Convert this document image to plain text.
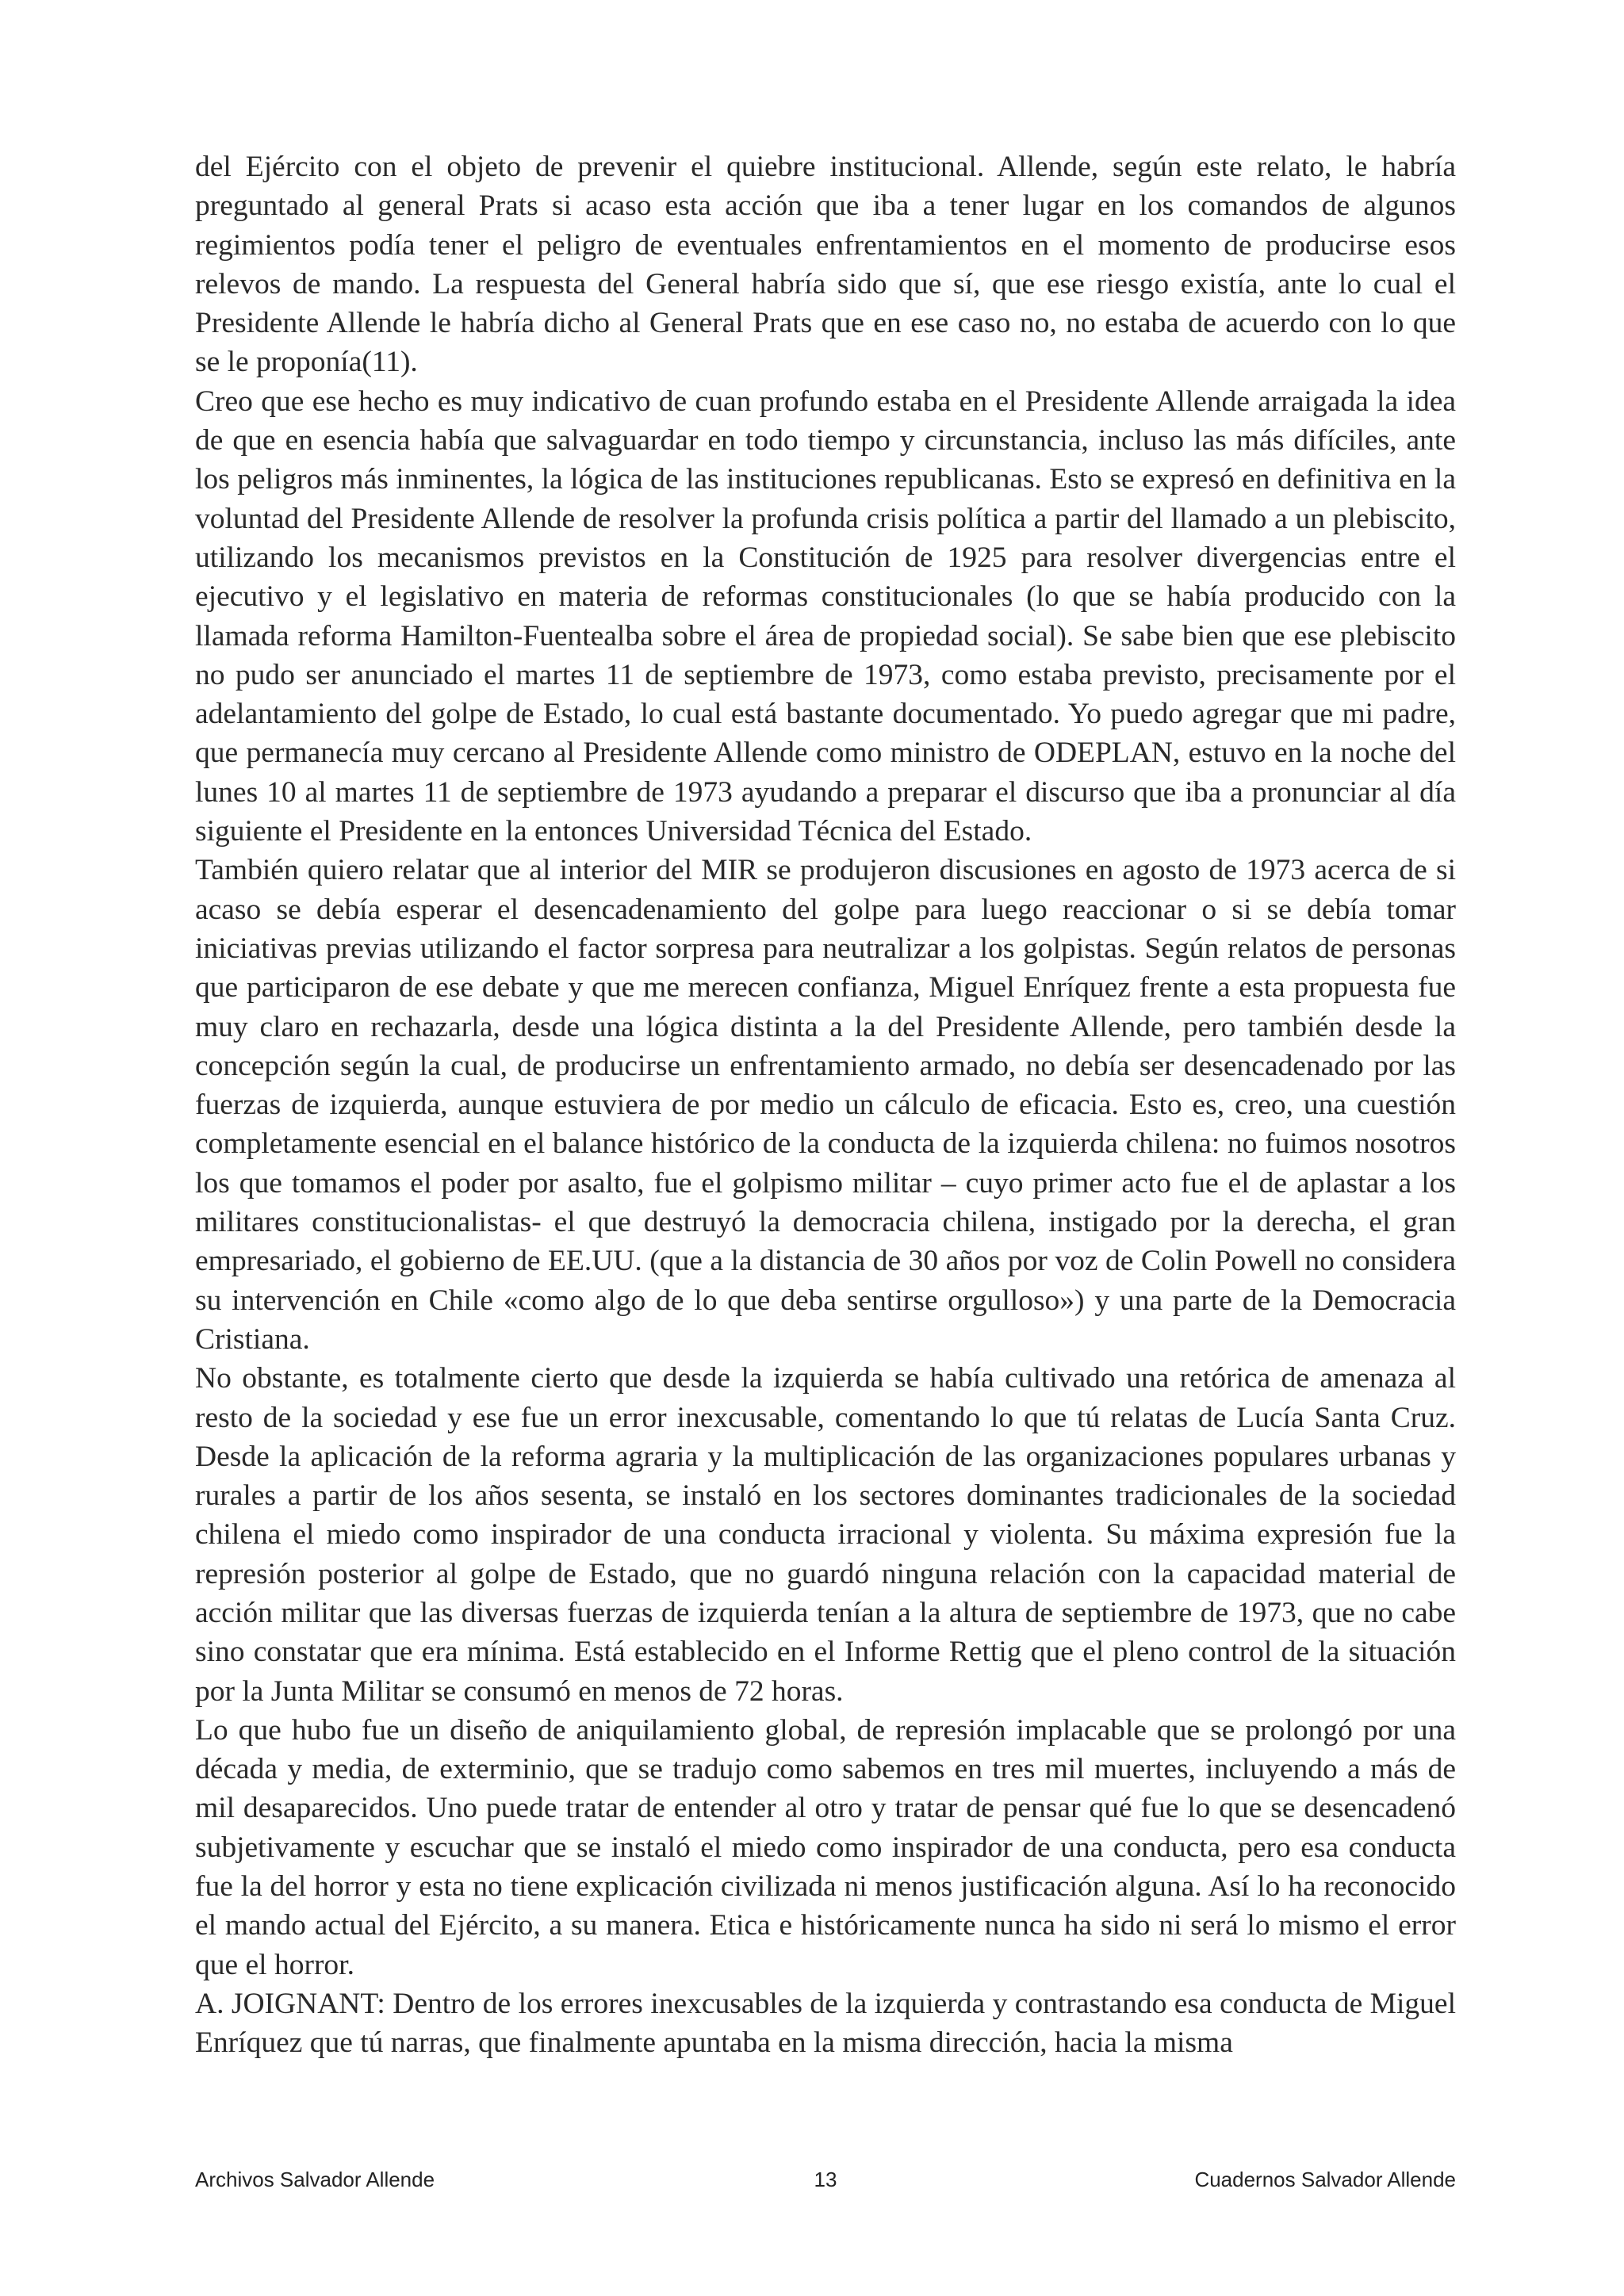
del Ejército con el objeto de prevenir el quiebre institucional. Allende, según este relato, le habría preguntado al general Prats si acaso esta acción que iba a tener lugar en los comandos de algunos regimientos podía tener el peligro de eventuales enfrentamientos en el momento de producirse esos relevos de mando. La respuesta del General habría sido que sí, que ese riesgo existía, ante lo cual el Presidente Allende le habría dicho al General Prats que en ese caso no, no estaba de acuerdo con lo que se le proponía(11).

Creo que ese hecho es muy indicativo de cuan profundo estaba en el Presidente Allende arraigada la idea de que en esencia había que salvaguardar en todo tiempo y circunstancia, incluso las más difíciles, ante los peligros más inminentes, la lógica de las instituciones republicanas. Esto se expresó en definitiva en la voluntad del Presidente Allende de resolver la profunda crisis política a partir del llamado a un plebiscito, utilizando los mecanismos previstos en la Constitución de 1925 para resolver divergencias entre el ejecutivo y el legislativo en materia de reformas constitucionales (lo que se había producido con la llamada reforma Hamilton-Fuentealba sobre el área de propiedad social). Se sabe bien que ese plebiscito no pudo ser anunciado el martes 11 de septiembre de 1973, como estaba previsto, precisamente por el adelantamiento del golpe de Estado, lo cual está bastante documentado. Yo puedo agregar que mi padre, que permanecía muy cercano al Presidente Allende como ministro de ODEPLAN, estuvo en la noche del lunes 10 al martes 11 de septiembre de 1973 ayudando a preparar el discurso que iba a pronunciar al día siguiente el Presidente en la entonces Universidad Técnica del Estado.

También quiero relatar que al interior del MIR se produjeron discusiones en agosto de 1973 acerca de si acaso se debía esperar el desencadenamiento del golpe para luego reaccionar o si se debía tomar iniciativas previas utilizando el factor sorpresa para neutralizar a los golpistas. Según relatos de personas que participaron de ese debate y que me merecen confianza, Miguel Enríquez frente a esta propuesta fue muy claro en rechazarla, desde una lógica distinta a la del Presidente Allende, pero también desde la concepción según la cual, de producirse un enfrentamiento armado, no debía ser desencadenado por las fuerzas de izquierda, aunque estuviera de por medio un cálculo de eficacia. Esto es, creo, una cuestión completamente esencial en el balance histórico de la conducta de la izquierda chilena: no fuimos nosotros los que tomamos el poder por asalto, fue el golpismo militar – cuyo primer acto fue el de aplastar a los militares constitucionalistas- el que destruyó la democracia chilena, instigado por la derecha, el gran empresariado, el gobierno de EE.UU. (que a la distancia de 30 años por voz de Colin Powell no considera su intervención en Chile «como algo de lo que deba sentirse orgulloso») y una parte de la Democracia Cristiana.

No obstante, es totalmente cierto que desde la izquierda se había cultivado una retórica de amenaza al resto de la sociedad y ese fue un error inexcusable, comentando lo que tú relatas de Lucía Santa Cruz. Desde la aplicación de la reforma agraria y la multiplicación de las organizaciones populares urbanas y rurales a partir de los años sesenta, se instaló en los sectores dominantes tradicionales de la sociedad chilena el miedo como inspirador de una conducta irracional y violenta. Su máxima expresión fue la represión posterior al golpe de Estado, que no guardó ninguna relación con la capacidad material de acción militar que las diversas fuerzas de izquierda tenían a la altura de septiembre de 1973, que no cabe sino constatar que era mínima. Está establecido en el Informe Rettig que el pleno control de la situación por la Junta Militar se consumó en menos de 72 horas.

Lo que hubo fue un diseño de aniquilamiento global, de represión implacable que se prolongó por una década y media, de exterminio, que se tradujo como sabemos en tres mil muertes, incluyendo a más de mil desaparecidos. Uno puede tratar de entender al otro y tratar de pensar qué fue lo que se desencadenó subjetivamente y escuchar que se instaló el miedo como inspirador de una conducta, pero esa conducta fue la del horror y esta no tiene explicación civilizada ni menos justificación alguna. Así lo ha reconocido el mando actual del Ejército, a su manera. Etica e históricamente nunca ha sido ni será lo mismo el error que el horror.

A. JOIGNANT: Dentro de los errores inexcusables de la izquierda y contrastando esa conducta de Miguel Enríquez que tú narras, que finalmente apuntaba en la misma dirección, hacia la misma

Archivos Salvador Allende	13	Cuadernos Salvador Allende
